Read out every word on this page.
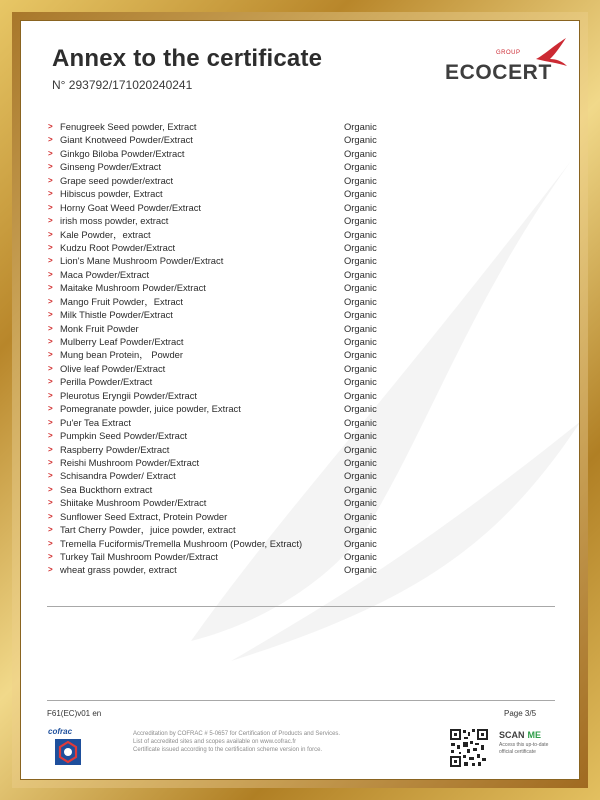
Annex to the certificate
N° 293792/171020240241
GROUP
ECOCERT
> Fenugreek Seed powder, Extract	Organic
> Giant Knotweed Powder/Extract	Organic
> Ginkgo Biloba Powder/Extract	Organic
> Ginseng Powder/Extract	Organic
> Grape seed powder/extract	Organic
> Hibiscus powder, Extract	Organic
> Horny Goat Weed Powder/Extract	Organic
> irish moss powder, extract	Organic
> Kale Powder，extract	Organic
> Kudzu Root Powder/Extract	Organic
> Lion's Mane Mushroom Powder/Extract	Organic
> Maca Powder/Extract	Organic
> Maitake Mushroom Powder/Extract	Organic
> Mango Fruit Powder，Extract	Organic
> Milk Thistle Powder/Extract	Organic
> Monk Fruit Powder	Organic
> Mulberry Leaf Powder/Extract	Organic
> Mung bean Protein， Powder	Organic
> Olive leaf Powder/Extract	Organic
> Perilla Powder/Extract	Organic
> Pleurotus Eryngii Powder/Extract	Organic
> Pomegranate powder, juice powder, Extract	Organic
> Pu'er Tea Extract	Organic
> Pumpkin Seed Powder/Extract	Organic
> Raspberry Powder/Extract	Organic
> Reishi Mushroom Powder/Extract	Organic
> Schisandra Powder/ Extract	Organic
> Sea Buckthorn extract	Organic
> Shiitake Mushroom Powder/Extract	Organic
> Sunflower Seed Extract, Protein Powder	Organic
> Tart Cherry Powder，juice powder, extract	Organic
> Tremella Fuciformis/Tremella Mushroom (Powder, Extract)	Organic
> Turkey Tail Mushroom Powder/Extract	Organic
> wheat grass powder, extract	Organic
F61(EC)v01 en	Page 3/5
cofrac	Accreditation by COFRAC # 5-0657 for Certification of Products and Services.
List of accredited sites and scopes available on www.cofrac.fr
Certificate issued according to the certification scheme version in force.
SCAN ME
Access this up-to-date official certificate
